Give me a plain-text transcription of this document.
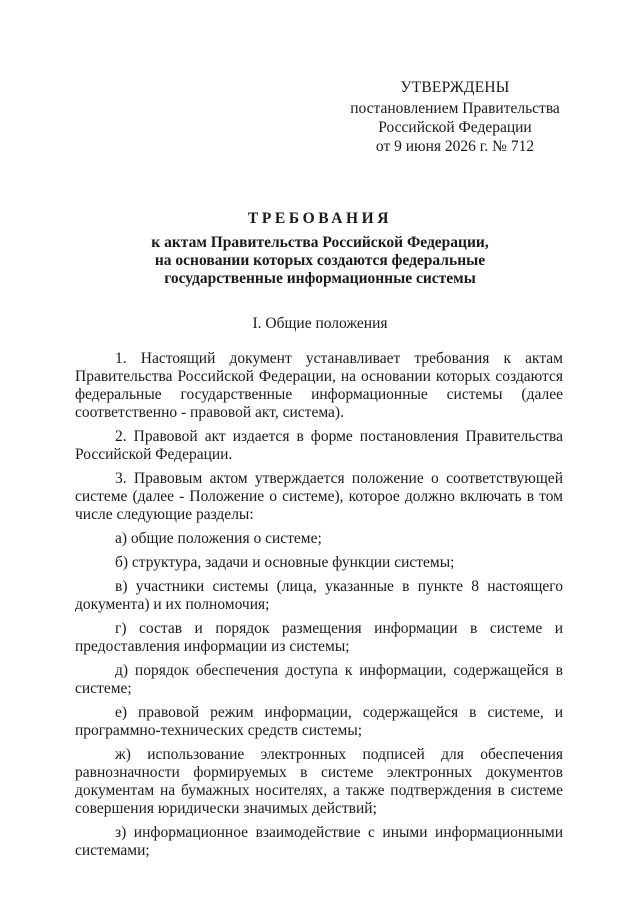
УТВЕРЖДЕНЫ
постановлением Правительства
Российской Федерации
от 9 июня 2026 г. № 712
ТРЕБОВАНИЯ
к актам Правительства Российской Федерации,
на основании которых создаются федеральные
государственные информационные системы
I. Общие положения

1. Настоящий документ устанавливает требования к актам Правительства Российской Федерации, на основании которых создаются федеральные государственные информационные системы (далее соответственно - правовой акт, система).

2. Правовой акт издается в форме постановления Правительства Российской Федерации.

3. Правовым актом утверждается положение о соответствующей системе (далее - Положение о системе), которое должно включать в том числе следующие разделы:

а) общие положения о системе;

б) структура, задачи и основные функции системы;

в) участники системы (лица, указанные в пункте 8 настоящего документа) и их полномочия;

г) состав и порядок размещения информации в системе и предоставления информации из системы;

д) порядок обеспечения доступа к информации, содержащейся в системе;

е) правовой режим информации, содержащейся в системе, и программно-технических средств системы;

ж) использование электронных подписей для обеспечения равнозначности формируемых в системе электронных документов документам на бумажных носителях, а также подтверждения в системе совершения юридически значимых действий;

з) информационное взаимодействие с иными информационными системами;
